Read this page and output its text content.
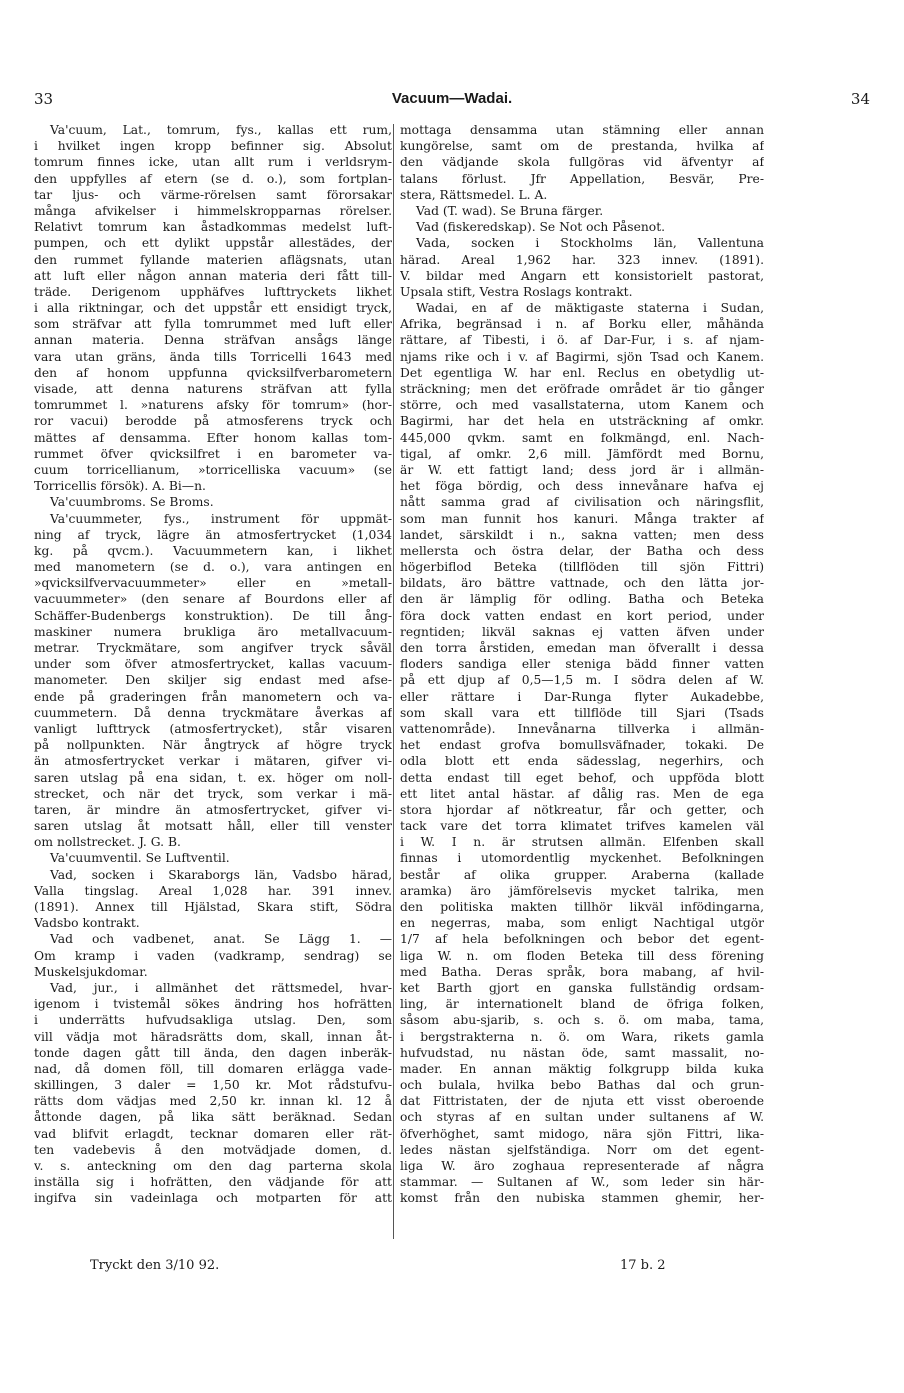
33	Vacuum—Wadai.	34
Va'cuum, Lat., tomrum, fys., kallas ett rum,
i hvilket ingen kropp befinner sig. Absolut
tomrum finnes icke, utan allt rum i verldsrym-
den uppfylles af etern (se d. o.), som fortplan-
tar ljus- och värme-rörelsen samt förorsakar
många afvikelser i himmelskropparnas rörelser.
Relativt tomrum kan åstadkommas medelst luft-
pumpen, och ett dylikt uppstår allestädes, der
den rummet fyllande materien aflägsnats, utan
att luft eller någon annan materia deri fått till-
träde. Derigenom upphäfves lufttryckets likhet
i alla riktningar, och det uppstår ett ensidigt tryck,
som sträfvar att fylla tomrummet med luft eller
annan materia. Denna sträfvan ansågs länge
vara utan gräns, ända tills Torricelli 1643 med
den af honom uppfunna qvicksilfverbarometern
visade, att denna naturens sträfvan att fylla
tomrummet l. »naturens afsky för tomrum» (hor-
ror vacui) berodde på atmosferens tryck och
mättes af densamma. Efter honom kallas tom-
rummet öfver qvicksilfret i en barometer va-
cuum torricellianum, »torricelliska vacuum» (se
Torricellis försök). A. Bi—n.
Va'cuumbroms. Se Broms.
Va'cuummeter, fys., instrument för uppmät-
ning af tryck, lägre än atmosfertrycket (1,034
kg. på qvcm.). Vacuummetern kan, i likhet
med manometern (se d. o.), vara antingen en
»qvicksilfvervacuummeter» eller en »metall-
vacuummeter» (den senare af Bourdons eller af
Schäffer-Budenbergs konstruktion). De till ång-
maskiner numera brukliga äro metallvacuum-
metrar. Tryckmätare, som angifver tryck såväl
under som öfver atmosfertrycket, kallas vacuum-
manometer. Den skiljer sig endast med afse-
ende på graderingen från manometern och va-
cuummetern. Då denna tryckmätare åverkas af
vanligt lufttryck (atmosfertrycket), står visaren
på nollpunkten. När ångtryck af högre tryck
än atmosfertrycket verkar i mätaren, gifver vi-
saren utslag på ena sidan, t. ex. höger om noll-
strecket, och när det tryck, som verkar i mä-
taren, är mindre än atmosfertrycket, gifver vi-
saren utslag åt motsatt håll, eller till venster
om nollstrecket. J. G. B.
Va'cuumventil. Se Luftventil.
Vad, socken i Skaraborgs län, Vadsbo härad,
Valla tingslag. Areal 1,028 har. 391 innev.
(1891). Annex till Hjälstad, Skara stift, Södra
Vadsbo kontrakt.
Vad och vadbenet, anat. Se Lägg 1. —
Om kramp i vaden (vadkramp, sendrag) se
Muskelsjukdomar.
Vad, jur., i allmänhet det rättsmedel, hvar-
igenom i tvistemål sökes ändring hos hofrätten
i underrätts hufvudsakliga utslag. Den, som
vill vädja mot häradsrätts dom, skall, innan åt-
tonde dagen gått till ända, den dagen inberäk-
nad, då domen föll, till domaren erlägga vade-
skillingen, 3 daler = 1,50 kr. Mot rådstufvu-
rätts dom vädjas med 2,50 kr. innan kl. 12 å
åttonde dagen, på lika sätt beräknad. Sedan
vad blifvit erlagdt, tecknar domaren eller rät-
ten vadebevis å den motvädjade domen, d.
v. s. anteckning om den dag parterna skola
inställa sig i hofrätten, den vädjande för att
ingifva sin vadeinlaga och motparten för att
mottaga densamma utan stämning eller annan
kungörelse, samt om de prestanda, hvilka af
den vädjande skola fullgöras vid äfventyr af
talans förlust. Jfr Appellation, Besvär, Pre-
stera, Rättsmedel. L. A.
Vad (T. wad). Se Bruna färger.
Vad (fiskeredskap). Se Not och Påsenot.
Vada, socken i Stockholms län, Vallentuna
härad. Areal 1,962 har. 323 innev. (1891).
V. bildar med Angarn ett konsistorielt pastorat,
Upsala stift, Vestra Roslags kontrakt.
Wadai, en af de mäktigaste staterna i Sudan,
Afrika, begränsad i n. af Borku eller, måhända
rättare, af Tibesti, i ö. af Dar-Fur, i s. af njam-
njams rike och i v. af Bagirmi, sjön Tsad och Kanem.
Det egentliga W. har enl. Reclus en obetydlig ut-
sträckning; men det eröfrade området är tio gånger
större, och med vasallstaterna, utom Kanem och
Bagirmi, har det hela en utsträckning af omkr.
445,000 qvkm. samt en folkmängd, enl. Nach-
tigal, af omkr. 2,6 mill. Jämfördt med Bornu,
är W. ett fattigt land; dess jord är i allmän-
het föga bördig, och dess innevånare hafva ej
nått samma grad af civilisation och näringsflit,
som man funnit hos kanuri. Många trakter af
landet, särskildt i n., sakna vatten; men dess
mellersta och östra delar, der Batha och dess
högerbiflod Beteka (tillflöden till sjön Fittri)
bildats, äro bättre vattnade, och den lätta jor-
den är lämplig för odling. Batha och Beteka
föra dock vatten endast en kort period, under
regntiden; likväl saknas ej vatten äfven under
den torra årstiden, emedan man öfverallt i dessa
floders sandiga eller steniga bädd finner vatten
på ett djup af 0,5—1,5 m. I södra delen af W.
eller rättare i Dar-Runga flyter Aukadebbe,
som skall vara ett tillflöde till Sjari (Tsads
vattenområde). Innevånarna tillverka i allmän-
het endast grofva bomullsväfnader, tokaki. De
odla blott ett enda sädesslag, negerhirs, och
detta endast till eget behof, och uppföda blott
ett litet antal hästar. af dålig ras. Men de ega
stora hjordar af nötkreatur, får och getter, och
tack vare det torra klimatet trifves kamelen väl
i W. I n. är strutsen allmän. Elfenben skall
finnas i utomordentlig myckenhet. Befolkningen
består af olika grupper. Araberna (kallade
aramka) äro jämförelsevis mycket talrika, men
den politiska makten tillhör likväl infödingarna,
en negerras, maba, som enligt Nachtigal utgör
1/7 af hela befolkningen och bebor det egent-
liga W. n. om floden Beteka till dess förening
med Batha. Deras språk, bora mabang, af hvil-
ket Barth gjort en ganska fullständig ordsam-
ling, är internationelt bland de öfriga folken,
såsom abu-sjarib, s. och s. ö. om maba, tama,
i bergstrakterna n. ö. om Wara, rikets gamla
hufvudstad, nu nästan öde, samt massalit, no-
mader. En annan mäktig folkgrupp bilda kuka
och bulala, hvilka bebo Bathas dal och grun-
dat Fittristaten, der de njuta ett visst oberoende
och styras af en sultan under sultanens af W.
öfverhöghet, samt midogo, nära sjön Fittri, lika-
ledes nästan sjelfständiga. Norr om det egent-
liga W. äro zoghaua representerade af några
stammar. — Sultanen af W., som leder sin här-
komst från den nubiska stammen ghemir, her-
Tryckt den 3/10 92.	17 b. 2
